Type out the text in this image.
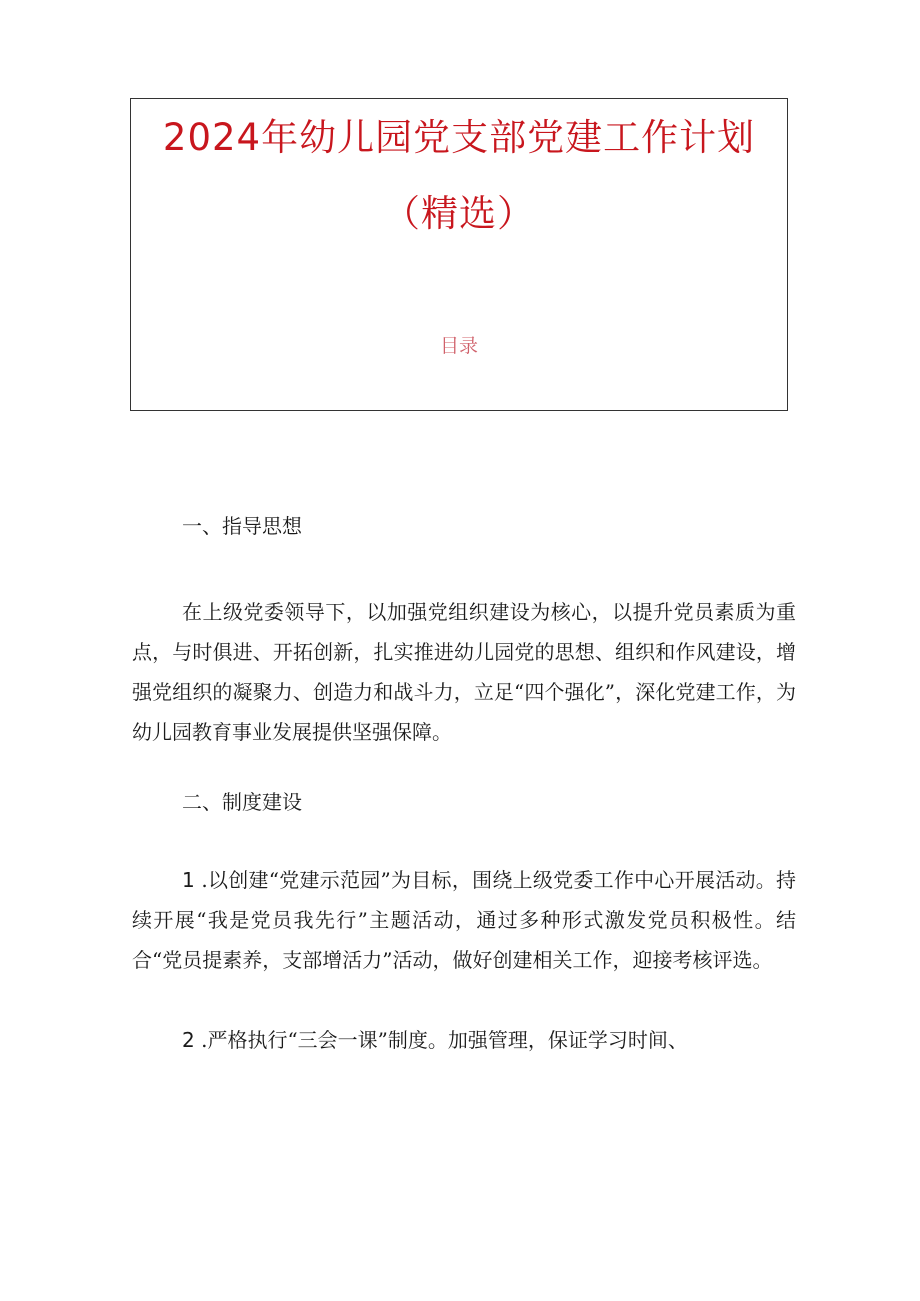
2024年幼儿园党支部党建工作计划
（精选）
目录

一、指导思想

在上级党委领导下，以加强党组织建设为核心，以提升党员素质为重点，与时俱进、开拓创新，扎实推进幼儿园党的思想、组织和作风建设，增强党组织的凝聚力、创造力和战斗力，立足“四个强化”，深化党建工作，为幼儿园教育事业发展提供坚强保障。

二、制度建设

1 .以创建“党建示范园”为目标，围绕上级党委工作中心开展活动。持续开展“我是党员我先行”主题活动，通过多种形式激发党员积极性。结合“党员提素养，支部增活力”活动，做好创建相关工作，迎接考核评选。

2 .严格执行“三会一课”制度。加强管理，保证学习时间、
